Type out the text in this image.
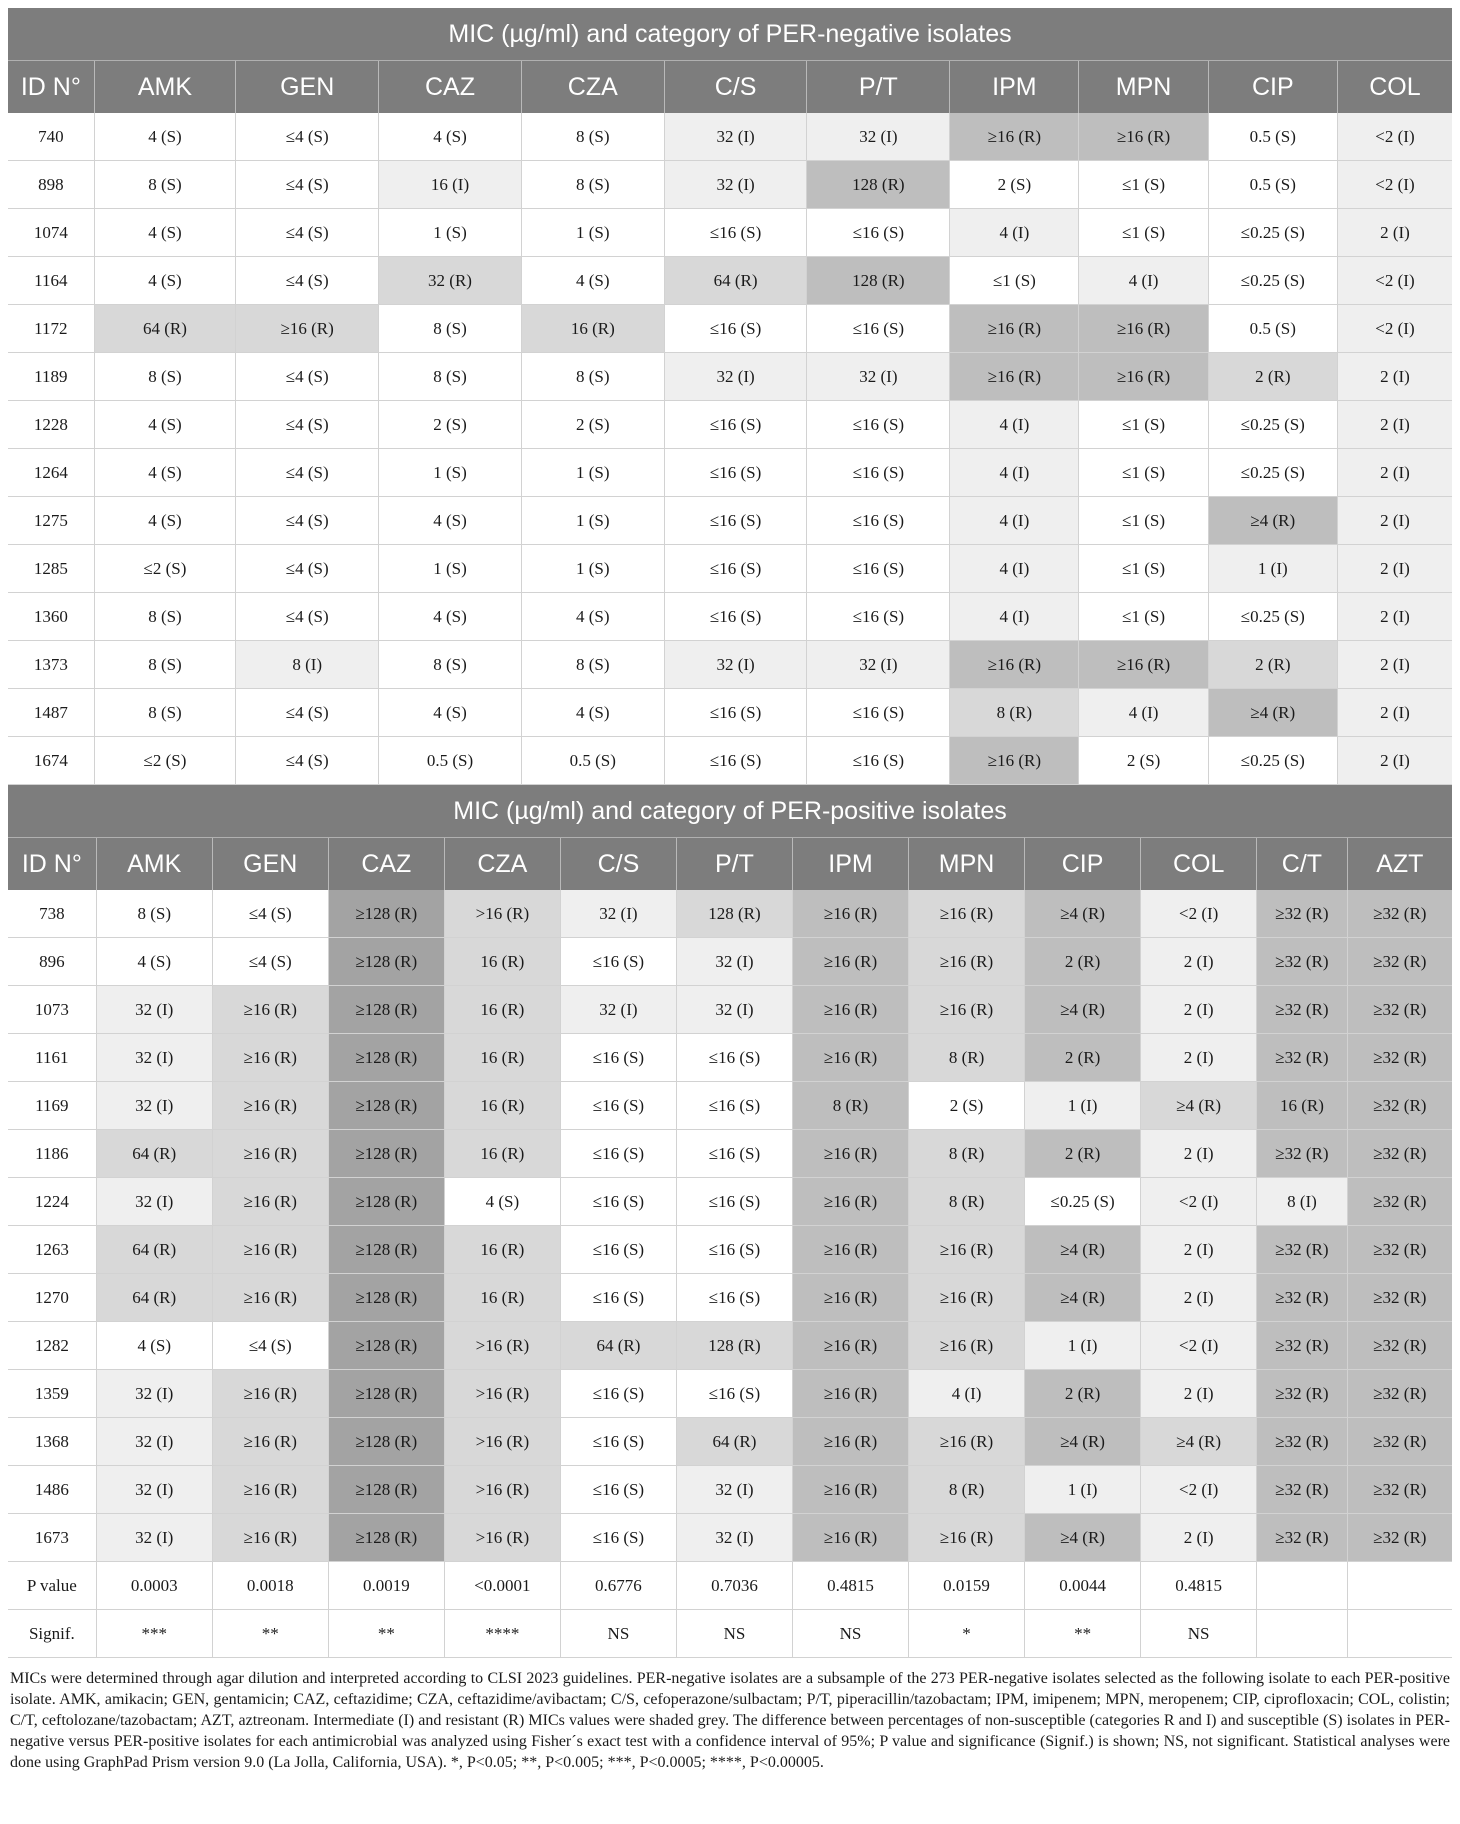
MIC (µg/ml) and category of PER-negative isolates										
ID N°	AMK	GEN	CAZ	CZA	C/S	P/T	IPM	MPN	CIP	COL
740	4 (S)	≤4 (S)	4 (S)	8 (S)	32 (I)	32 (I)	≥16 (R)	≥16 (R)	0.5 (S)	<2 (I)
898	8 (S)	≤4 (S)	16 (I)	8 (S)	32 (I)	128 (R)	2 (S)	≤1 (S)	0.5 (S)	<2 (I)
1074	4 (S)	≤4 (S)	1 (S)	1 (S)	≤16 (S)	≤16 (S)	4 (I)	≤1 (S)	≤0.25 (S)	2 (I)
1164	4 (S)	≤4 (S)	32 (R)	4 (S)	64 (R)	128 (R)	≤1 (S)	4 (I)	≤0.25 (S)	<2 (I)
1172	64 (R)	≥16 (R)	8 (S)	16 (R)	≤16 (S)	≤16 (S)	≥16 (R)	≥16 (R)	0.5 (S)	<2 (I)
1189	8 (S)	≤4 (S)	8 (S)	8 (S)	32 (I)	32 (I)	≥16 (R)	≥16 (R)	2 (R)	2 (I)
1228	4 (S)	≤4 (S)	2 (S)	2 (S)	≤16 (S)	≤16 (S)	4 (I)	≤1 (S)	≤0.25 (S)	2 (I)
1264	4 (S)	≤4 (S)	1 (S)	1 (S)	≤16 (S)	≤16 (S)	4 (I)	≤1 (S)	≤0.25 (S)	2 (I)
1275	4 (S)	≤4 (S)	4 (S)	1 (S)	≤16 (S)	≤16 (S)	4 (I)	≤1 (S)	≥4 (R)	2 (I)
1285	≤2 (S)	≤4 (S)	1 (S)	1 (S)	≤16 (S)	≤16 (S)	4 (I)	≤1 (S)	1 (I)	2 (I)
1360	8 (S)	≤4 (S)	4 (S)	4 (S)	≤16 (S)	≤16 (S)	4 (I)	≤1 (S)	≤0.25 (S)	2 (I)
1373	8 (S)	8 (I)	8 (S)	8 (S)	32 (I)	32 (I)	≥16 (R)	≥16 (R)	2 (R)	2 (I)
1487	8 (S)	≤4 (S)	4 (S)	4 (S)	≤16 (S)	≤16 (S)	8 (R)	4 (I)	≥4 (R)	2 (I)
1674	≤2 (S)	≤4 (S)	0.5 (S)	0.5 (S)	≤16 (S)	≤16 (S)	≥16 (R)	2 (S)	≤0.25 (S)	2 (I)
MIC (µg/ml) and category of PER-positive isolates												
ID N°	AMK	GEN	CAZ	CZA	C/S	P/T	IPM	MPN	CIP	COL	C/T	AZT
738	8 (S)	≤4 (S)	≥128 (R)	>16 (R)	32 (I)	128 (R)	≥16 (R)	≥16 (R)	≥4 (R)	<2 (I)	≥32 (R)	≥32 (R)
896	4 (S)	≤4 (S)	≥128 (R)	16 (R)	≤16 (S)	32 (I)	≥16 (R)	≥16 (R)	2 (R)	2 (I)	≥32 (R)	≥32 (R)
1073	32 (I)	≥16 (R)	≥128 (R)	16 (R)	32 (I)	32 (I)	≥16 (R)	≥16 (R)	≥4 (R)	2 (I)	≥32 (R)	≥32 (R)
1161	32 (I)	≥16 (R)	≥128 (R)	16 (R)	≤16 (S)	≤16 (S)	≥16 (R)	8 (R)	2 (R)	2 (I)	≥32 (R)	≥32 (R)
1169	32 (I)	≥16 (R)	≥128 (R)	16 (R)	≤16 (S)	≤16 (S)	8 (R)	2 (S)	1 (I)	≥4 (R)	16 (R)	≥32 (R)
1186	64 (R)	≥16 (R)	≥128 (R)	16 (R)	≤16 (S)	≤16 (S)	≥16 (R)	8 (R)	2 (R)	2 (I)	≥32 (R)	≥32 (R)
1224	32 (I)	≥16 (R)	≥128 (R)	4 (S)	≤16 (S)	≤16 (S)	≥16 (R)	8 (R)	≤0.25 (S)	<2 (I)	8 (I)	≥32 (R)
1263	64 (R)	≥16 (R)	≥128 (R)	16 (R)	≤16 (S)	≤16 (S)	≥16 (R)	≥16 (R)	≥4 (R)	2 (I)	≥32 (R)	≥32 (R)
1270	64 (R)	≥16 (R)	≥128 (R)	16 (R)	≤16 (S)	≤16 (S)	≥16 (R)	≥16 (R)	≥4 (R)	2 (I)	≥32 (R)	≥32 (R)
1282	4 (S)	≤4 (S)	≥128 (R)	>16 (R)	64 (R)	128 (R)	≥16 (R)	≥16 (R)	1 (I)	<2 (I)	≥32 (R)	≥32 (R)
1359	32 (I)	≥16 (R)	≥128 (R)	>16 (R)	≤16 (S)	≤16 (S)	≥16 (R)	4 (I)	2 (R)	2 (I)	≥32 (R)	≥32 (R)
1368	32 (I)	≥16 (R)	≥128 (R)	>16 (R)	≤16 (S)	64 (R)	≥16 (R)	≥16 (R)	≥4 (R)	≥4 (R)	≥32 (R)	≥32 (R)
1486	32 (I)	≥16 (R)	≥128 (R)	>16 (R)	≤16 (S)	32 (I)	≥16 (R)	8 (R)	1 (I)	<2 (I)	≥32 (R)	≥32 (R)
1673	32 (I)	≥16 (R)	≥128 (R)	>16 (R)	≤16 (S)	32 (I)	≥16 (R)	≥16 (R)	≥4 (R)	2 (I)	≥32 (R)	≥32 (R)
P value	0.0003	0.0018	0.0019	<0.0001	0.6776	0.7036	0.4815	0.0159	0.0044	0.4815		
Signif.	***	**	**	****	NS	NS	NS	*	**	NS		
MICs were determined through agar dilution and interpreted according to CLSI 2023 guidelines. PER-negative isolates are a subsample of the 273 PER-negative isolates selected as the following isolate to each PER-positive isolate. AMK, amikacin; GEN, gentamicin; CAZ, ceftazidime; CZA, ceftazidime/avibactam; C/S, cefoperazone/sulbactam; P/T, piperacillin/tazobactam; IPM, imipenem; MPN, meropenem; CIP, ciprofloxacin; COL, colistin; C/T, ceftolozane/tazobactam; AZT, aztreonam. Intermediate (I) and resistant (R) MICs values were shaded grey. The difference between percentages of non-susceptible (categories R and I) and susceptible (S) isolates in PER-negative versus PER-positive isolates for each antimicrobial was analyzed using Fisher´s exact test with a confidence interval of 95%; P value and significance (Signif.) is shown; NS, not significant. Statistical analyses were done using GraphPad Prism version 9.0 (La Jolla, California, USA). *, P<0.05; **, P<0.005; ***, P<0.0005; ****, P<0.00005.
